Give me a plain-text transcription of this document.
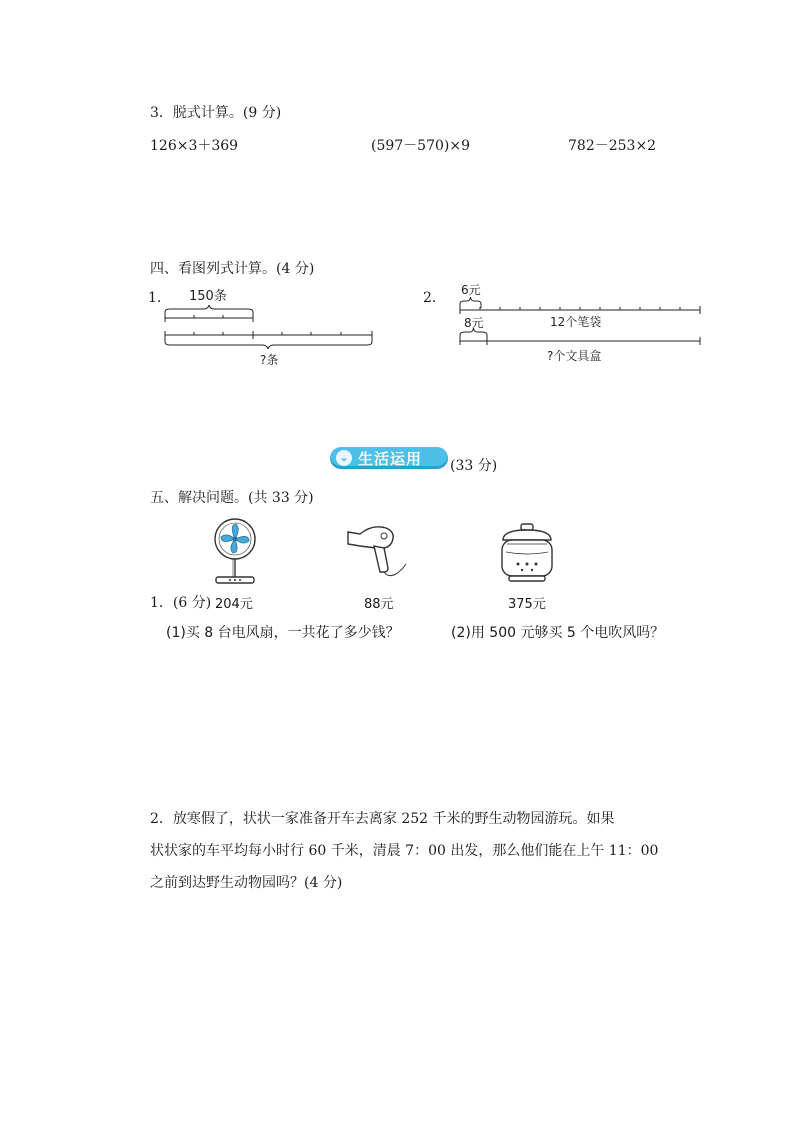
3．脱式计算。(9 分)
126×3＋369	(597－570)×9	782－253×2
四、看图列式计算。(4 分)
1. 150条
?条
2. 6元
12个笔袋
8元
?个文具盒
⌄ 生活运用 (33 分)
五、解决问题。(共 33 分)
1．(6 分) 204元	88元	375元
(1)买 8 台电风扇，一共花了多少钱？	(2)用 500 元够买 5 个电吹风吗？
2．放寒假了，状状一家准备开车去离家 252 千米的野生动物园游玩。如果
状状家的车平均每小时行 60 千米，清晨 7：00 出发，那么他们能在上午 11：00
之前到达野生动物园吗？(4 分)
